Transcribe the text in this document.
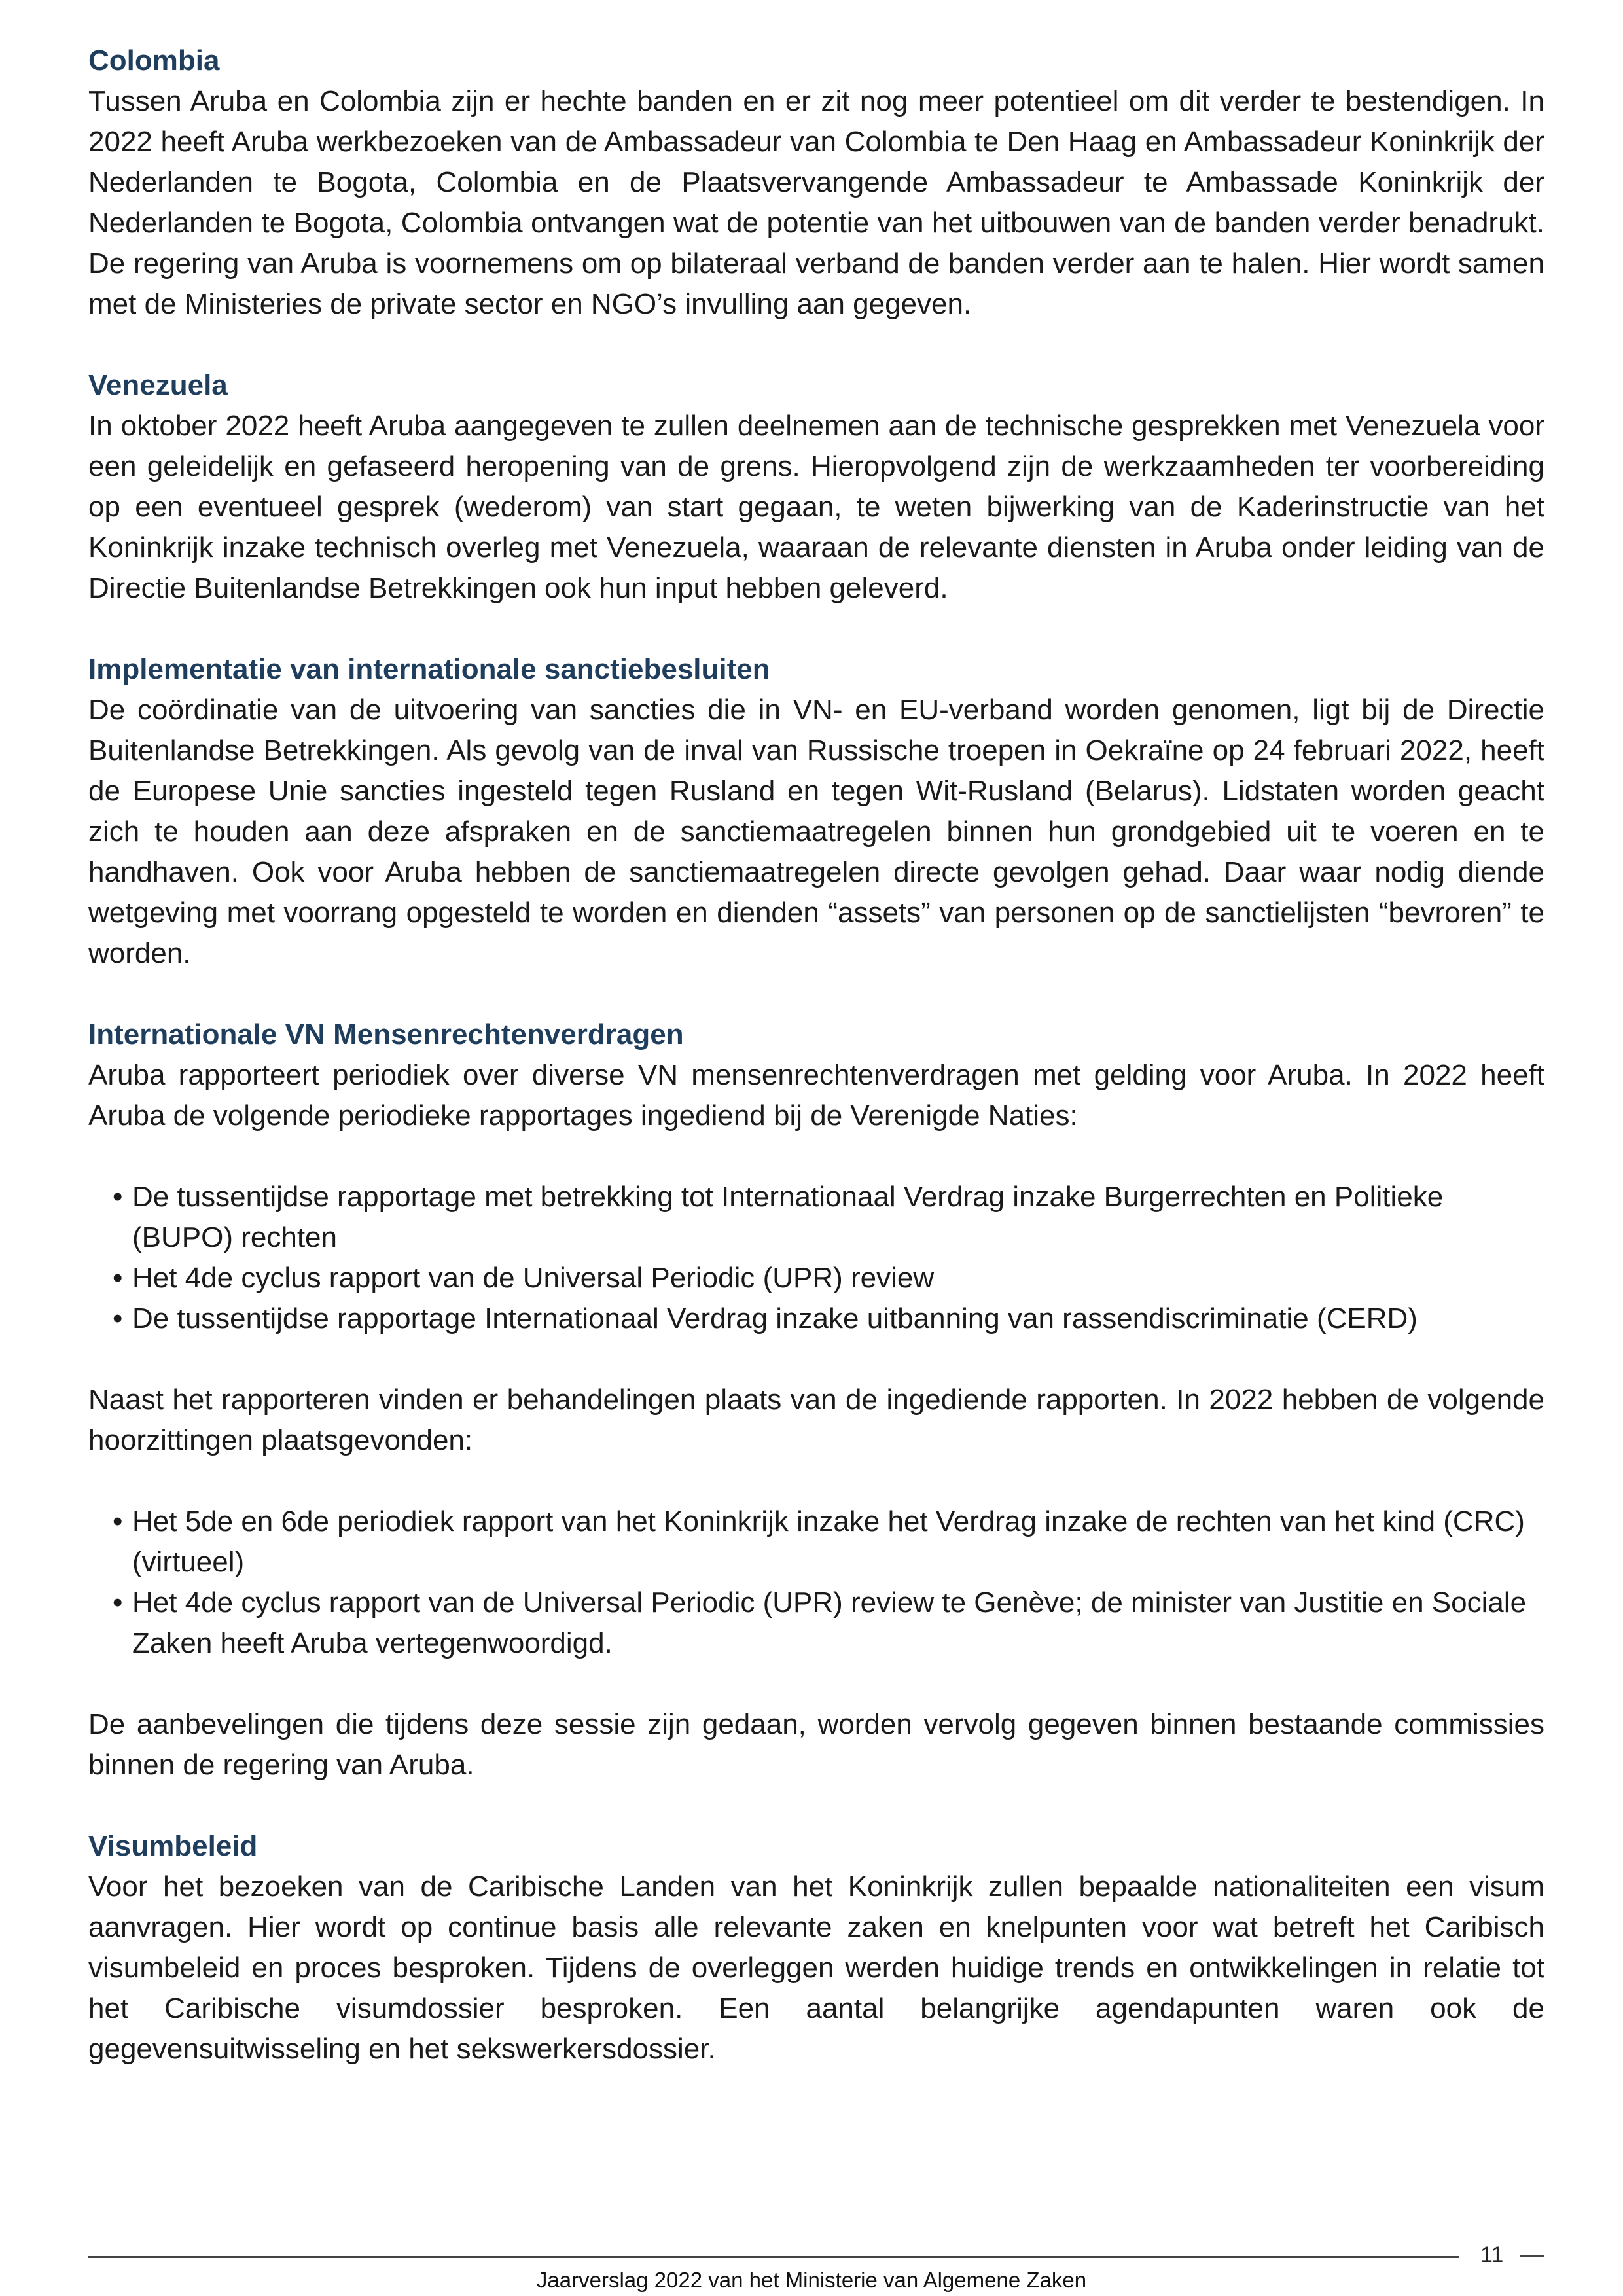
Colombia

Tussen Aruba en Colombia zijn er hechte banden en er zit nog meer potentieel om dit verder te bestendigen. In 2022 heeft Aruba werkbezoeken van de Ambassadeur van Colombia te Den Haag en Ambassadeur Koninkrijk der Nederlanden te Bogota, Colombia en de Plaatsvervangende Ambassadeur te Ambassade Koninkrijk der Nederlanden te Bogota, Colombia ontvangen wat de potentie van het uitbouwen van de banden verder benadrukt. De regering van Aruba is voornemens om op bilateraal verband de banden verder aan te halen. Hier wordt samen met de Ministeries de private sector en NGO’s invulling aan gegeven.

Venezuela

In oktober 2022 heeft Aruba aangegeven te zullen deelnemen aan de technische gesprekken met Venezuela voor een geleidelijk en gefaseerd heropening van de grens. Hieropvolgend zijn de werkzaamheden ter voorbereiding op een eventueel gesprek (wederom) van start gegaan, te weten bijwerking van de Kaderinstructie van het Koninkrijk inzake technisch overleg met Venezuela, waaraan de relevante diensten in Aruba onder leiding van de Directie Buitenlandse Betrekkingen ook hun input hebben geleverd.

Implementatie van internationale sanctiebesluiten

De coördinatie van de uitvoering van sancties die in VN- en EU-verband worden genomen, ligt bij de Directie Buitenlandse Betrekkingen. Als gevolg van de inval van Russische troepen in Oekraïne op 24 februari 2022, heeft de Europese Unie sancties ingesteld tegen Rusland en tegen Wit-Rusland (Belarus). Lidstaten worden geacht zich te houden aan deze afspraken en de sanctiemaatregelen binnen hun grondgebied uit te voeren en te handhaven. Ook voor Aruba hebben de sanctiemaatregelen directe gevolgen gehad. Daar waar nodig diende wetgeving met voorrang opgesteld te worden en dienden “assets” van personen op de sanctielijsten “bevroren” te worden.

Internationale VN Mensenrechtenverdragen

Aruba rapporteert periodiek over diverse VN mensenrechtenverdragen met gelding voor Aruba. In 2022 heeft Aruba de volgende periodieke rapportages ingediend bij de Verenigde Naties:

• De tussentijdse rapportage met betrekking tot Internationaal Verdrag inzake Burgerrechten en Politieke (BUPO) rechten
• Het 4de cyclus rapport van de Universal Periodic (UPR) review
• De tussentijdse rapportage Internationaal Verdrag inzake uitbanning van rassendiscriminatie (CERD)

Naast het rapporteren vinden er behandelingen plaats van de ingediende rapporten. In 2022 hebben de volgende hoorzittingen plaatsgevonden:

• Het 5de en 6de periodiek rapport van het Koninkrijk inzake het Verdrag inzake de rechten van het kind (CRC) (virtueel)
• Het 4de cyclus rapport van de Universal Periodic (UPR) review te Genève; de minister van Justitie en Sociale Zaken heeft Aruba vertegenwoordigd.

De aanbevelingen die tijdens deze sessie zijn gedaan, worden vervolg gegeven binnen bestaande commissies binnen de regering van Aruba.

Visumbeleid

Voor het bezoeken van de Caribische Landen van het Koninkrijk zullen bepaalde nationaliteiten een visum aanvragen. Hier wordt op continue basis alle relevante zaken en knelpunten voor wat betreft het Caribisch visumbeleid en proces besproken. Tijdens de overleggen werden huidige trends en ontwikkelingen in relatie tot het Caribische visumdossier besproken. Een aantal belangrijke agendapunten waren ook de gegevensuitwisseling en het sekswerkersdossier.

11
Jaarverslag 2022 van het Ministerie van Algemene Zaken
